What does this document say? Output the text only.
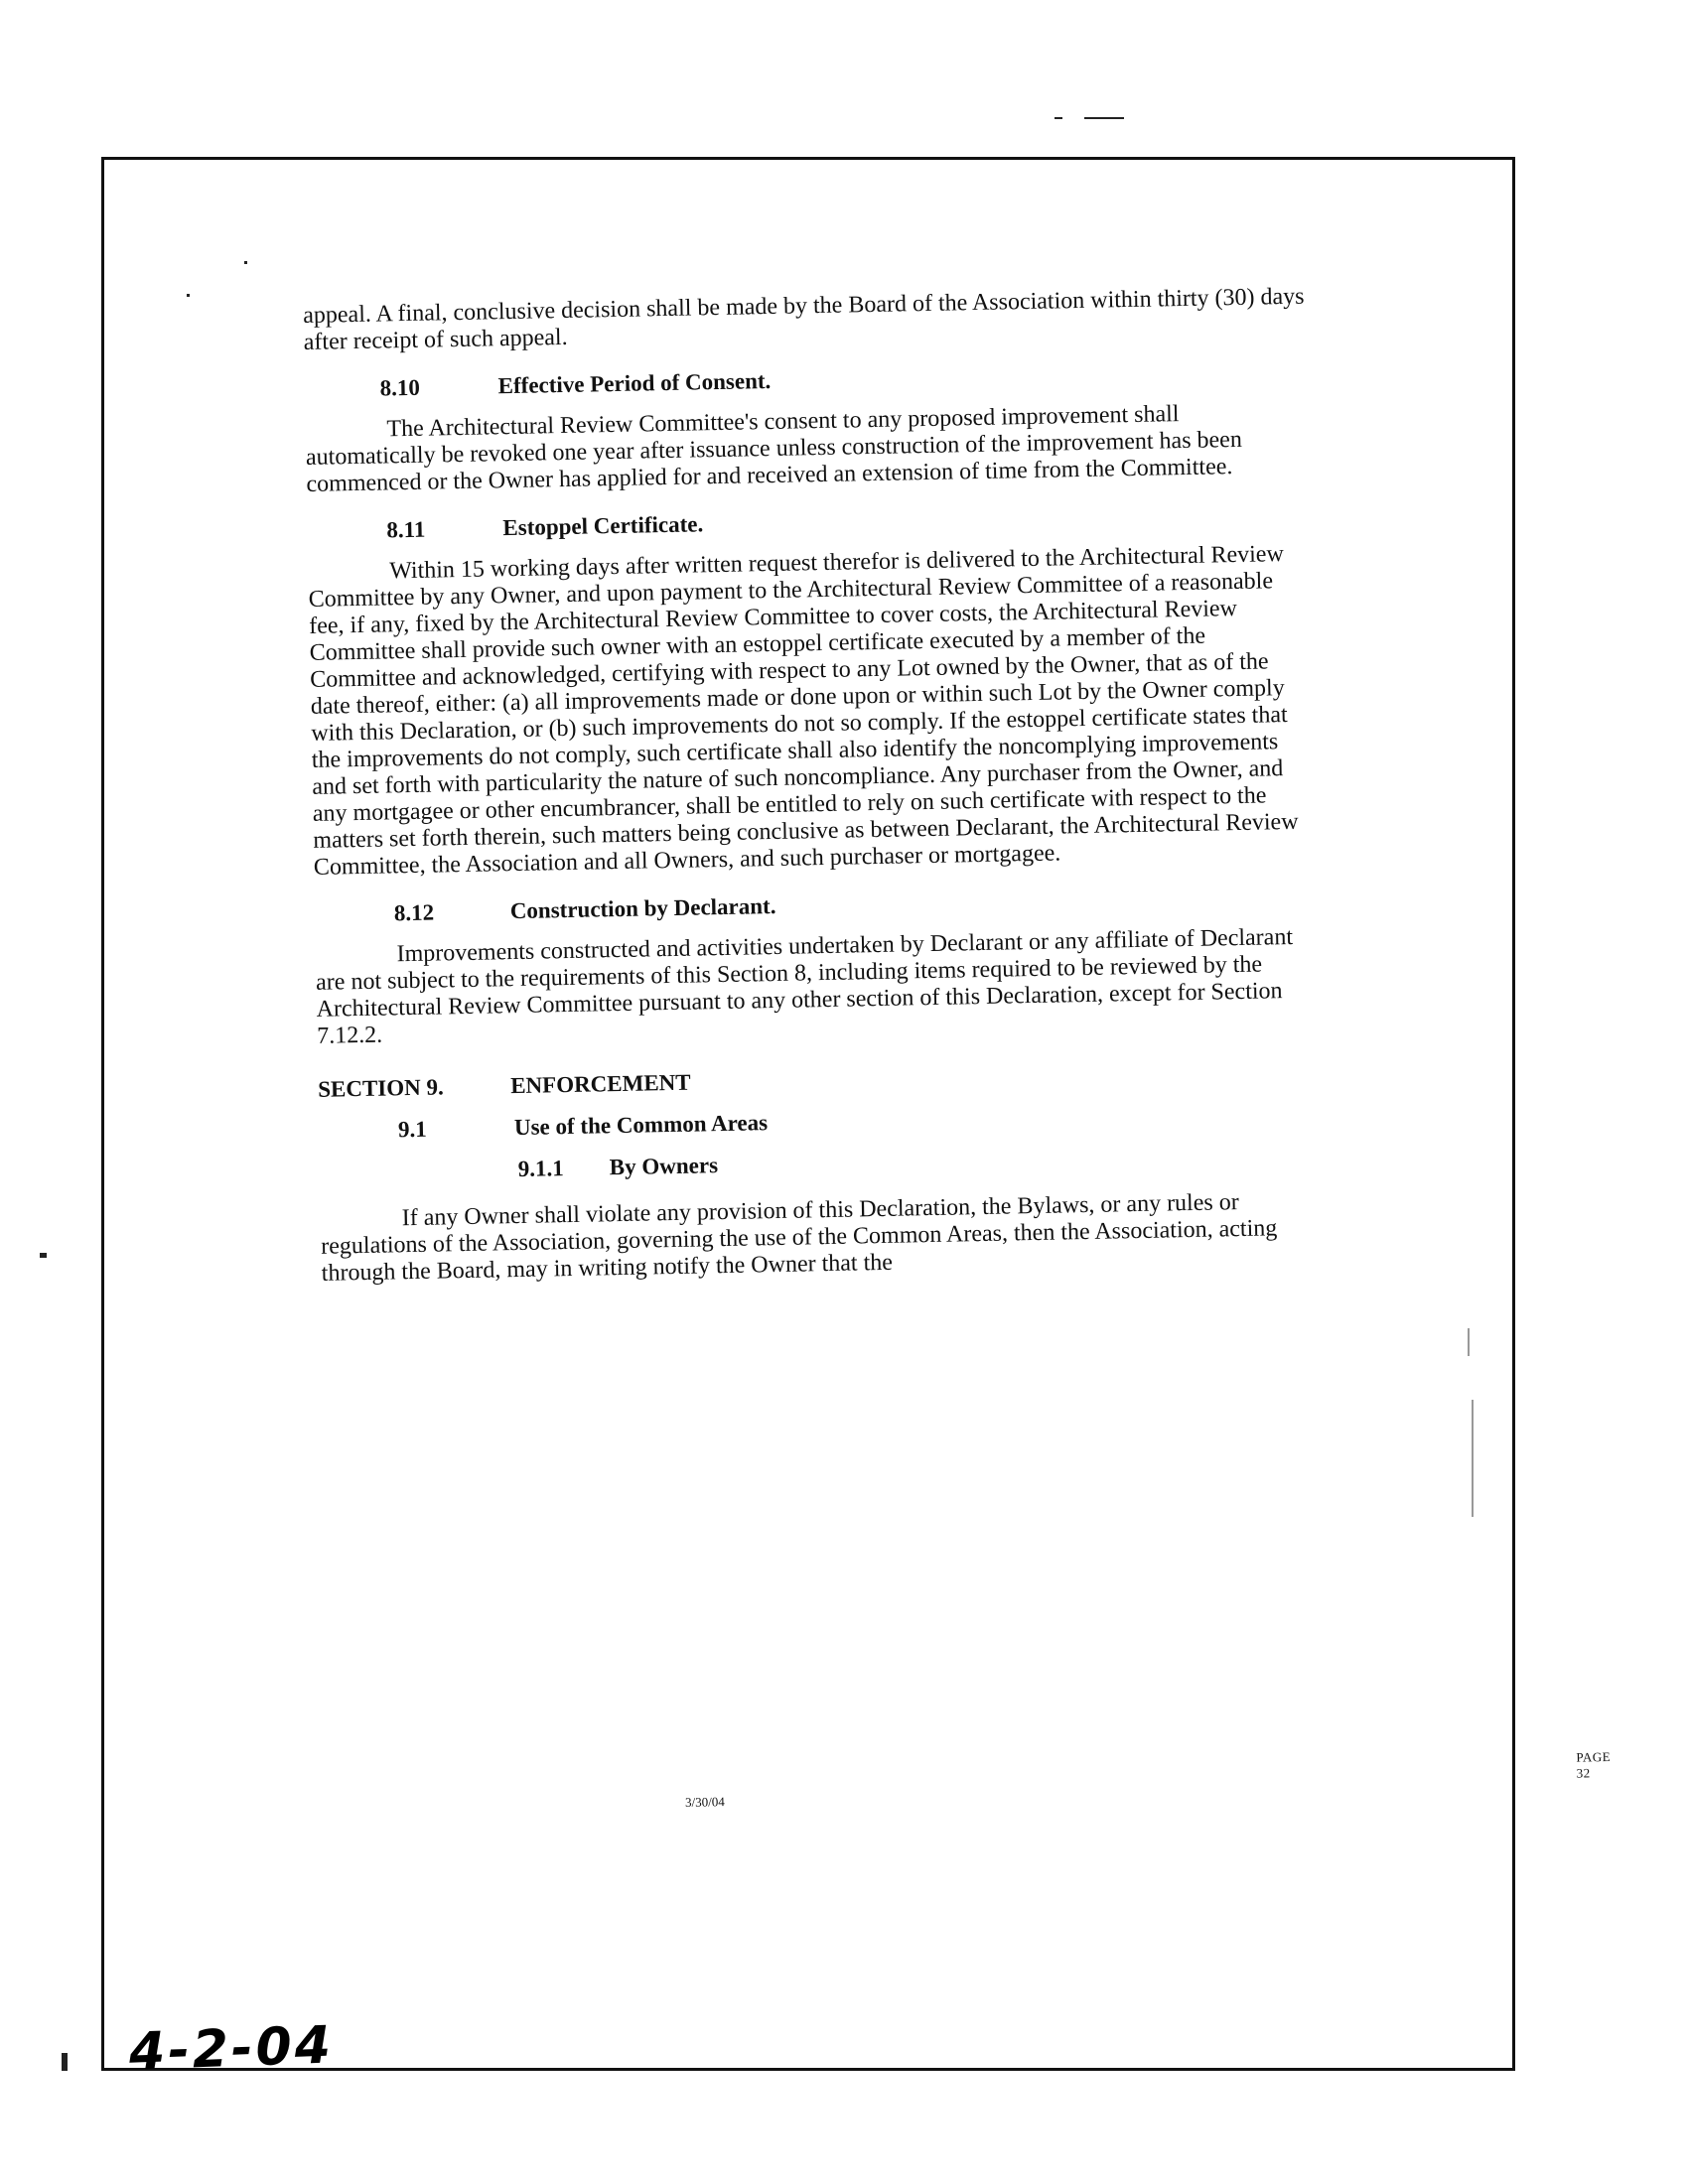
appeal. A final, conclusive decision shall be made by the Board of the Association within thirty (30) days after receipt of such appeal.

8.10	Effective Period of Consent.

The Architectural Review Committee's consent to any proposed improvement shall automatically be revoked one year after issuance unless construction of the improvement has been commenced or the Owner has applied for and received an extension of time from the Committee.

8.11	Estoppel Certificate.

Within 15 working days after written request therefor is delivered to the Architectural Review Committee by any Owner, and upon payment to the Architectural Review Committee of a reasonable fee, if any, fixed by the Architectural Review Committee to cover costs, the Architectural Review Committee shall provide such owner with an estoppel certificate executed by a member of the Committee and acknowledged, certifying with respect to any Lot owned by the Owner, that as of the date thereof, either: (a) all improvements made or done upon or within such Lot by the Owner comply with this Declaration, or (b) such improvements do not so comply. If the estoppel certificate states that the improvements do not comply, such certificate shall also identify the noncomplying improvements and set forth with particularity the nature of such noncompliance. Any purchaser from the Owner, and any mortgagee or other encumbrancer, shall be entitled to rely on such certificate with respect to the matters set forth therein, such matters being conclusive as between Declarant, the Architectural Review Committee, the Association and all Owners, and such purchaser or mortgagee.

8.12	Construction by Declarant.

Improvements constructed and activities undertaken by Declarant or any affiliate of Declarant are not subject to the requirements of this Section 8, including items required to be reviewed by the Architectural Review Committee pursuant to any other section of this Declaration, except for Section 7.12.2.

SECTION 9.	ENFORCEMENT
9.1	Use of the Common Areas
9.1.1	By Owners

If any Owner shall violate any provision of this Declaration, the Bylaws, or any rules or regulations of the Association, governing the use of the Common Areas, then the Association, acting through the Board, may in writing notify the Owner that the

PAGE 32
3/30/04
4-2-04
